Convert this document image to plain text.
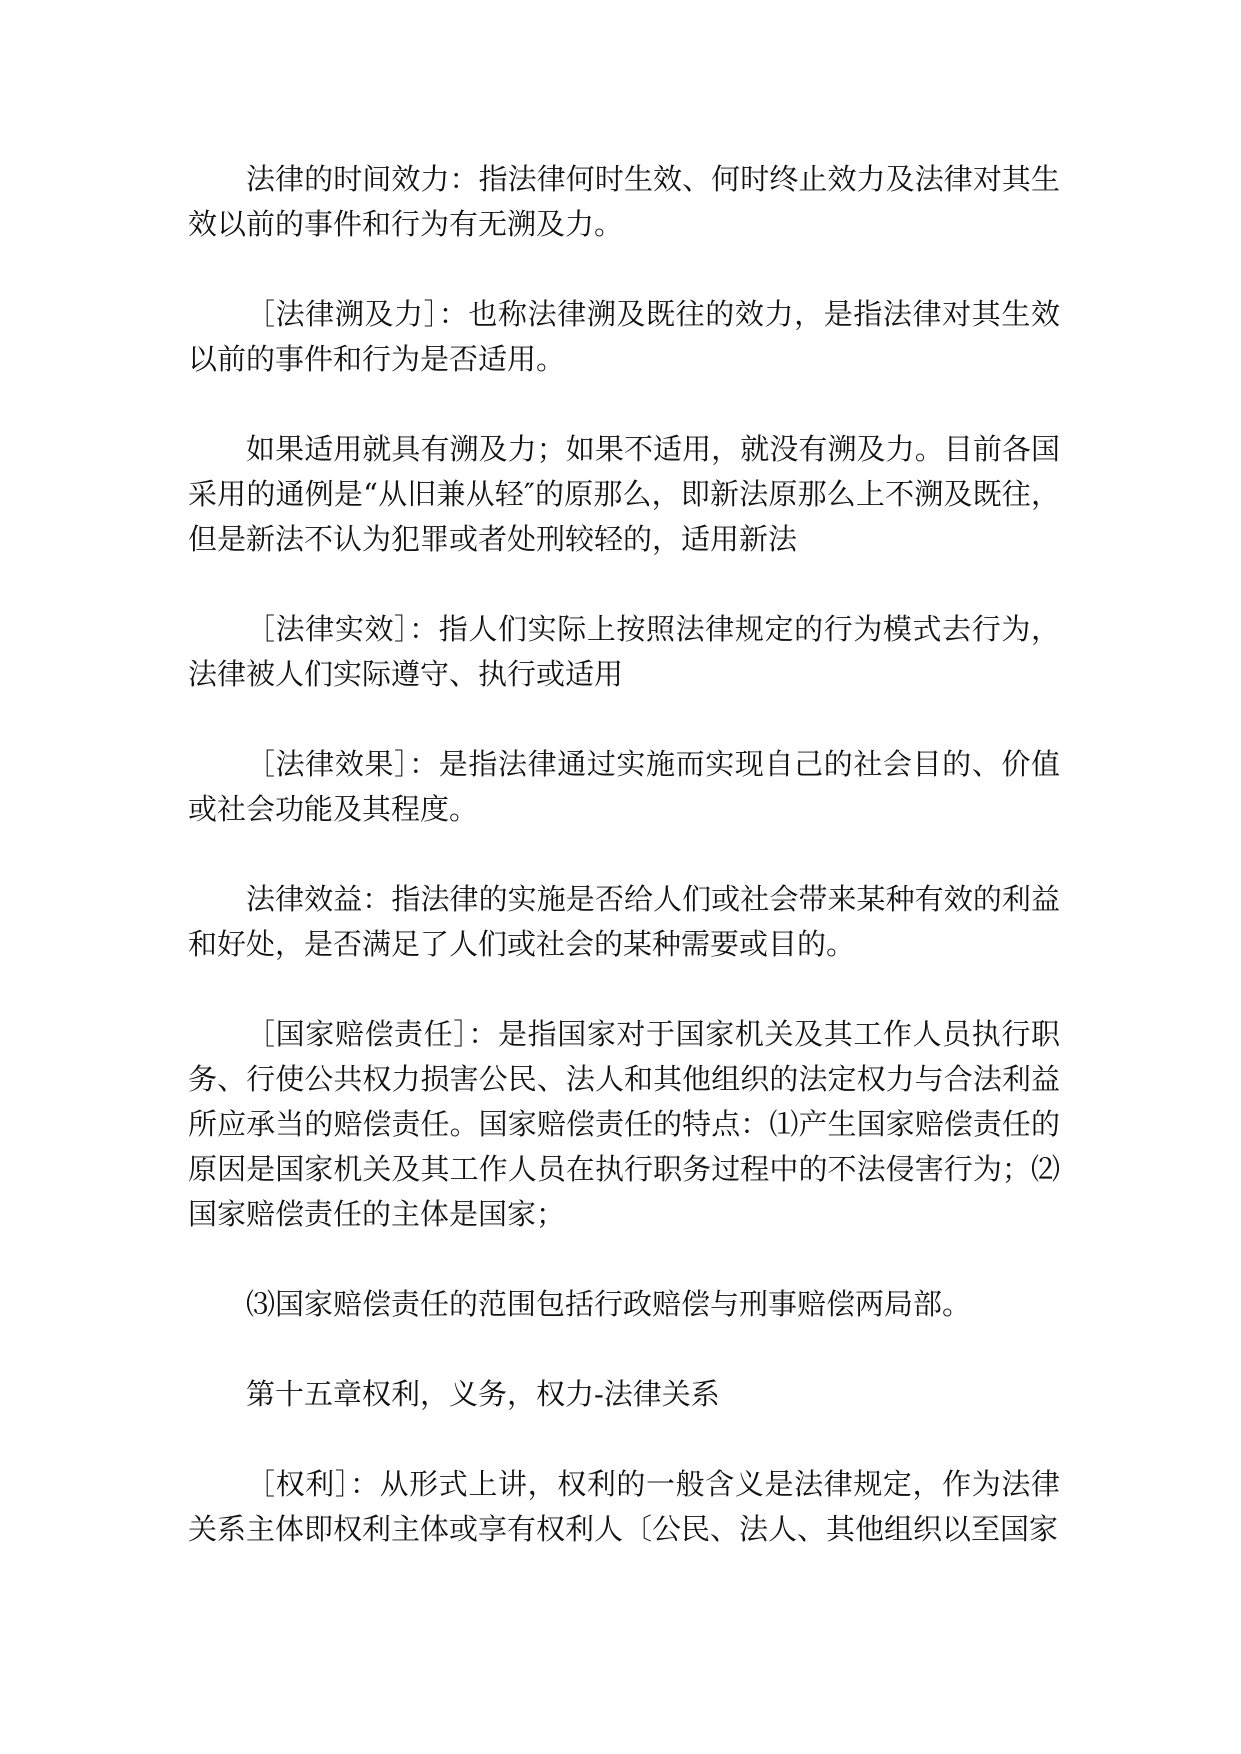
法律的时间效力：指法律何时生效、何时终止效力及法律对其生效以前的事件和行为有无溯及力。

［法律溯及力］：也称法律溯及既往的效力，是指法律对其生效以前的事件和行为是否适用。

如果适用就具有溯及力；如果不适用，就没有溯及力。目前各国采用的通例是“从旧兼从轻″的原那么，即新法原那么上不溯及既往，但是新法不认为犯罪或者处刑较轻的，适用新法

［法律实效］：指人们实际上按照法律规定的行为模式去行为，法律被人们实际遵守、执行或适用

［法律效果］：是指法律通过实施而实现自己的社会目的、价值或社会功能及其程度。

法律效益：指法律的实施是否给人们或社会带来某种有效的利益和好处，是否满足了人们或社会的某种需要或目的。

［国家赔偿责任］：是指国家对于国家机关及其工作人员执行职务、行使公共权力损害公民、法人和其他组织的法定权力与合法利益所应承当的赔偿责任。国家赔偿责任的特点：⑴产生国家赔偿责任的原因是国家机关及其工作人员在执行职务过程中的不法侵害行为；⑵国家赔偿责任的主体是国家；

⑶国家赔偿责任的范围包括行政赔偿与刑事赔偿两局部。

第十五章权利，义务，权力-法律关系

［权利］：从形式上讲，权利的一般含义是法律规定，作为法律关系主体即权利主体或享有权利人〔公民、法人、其他组织以至国家
